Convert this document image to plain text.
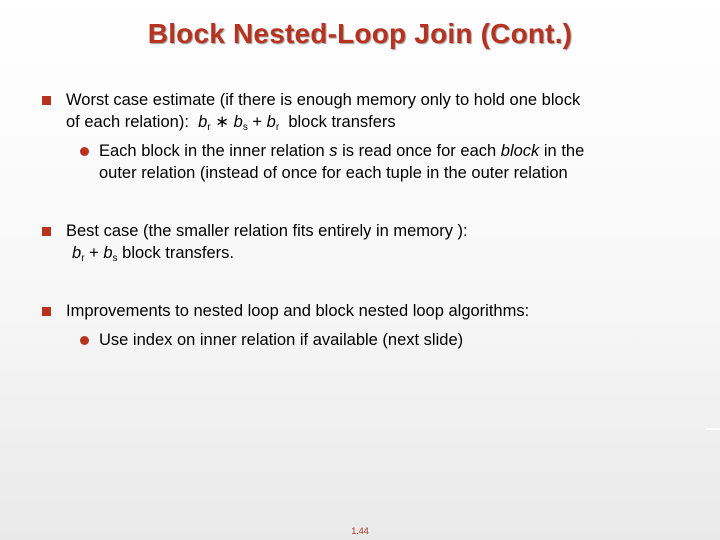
Block Nested-Loop Join (Cont.)
Worst case estimate (if there is enough memory only to hold one block
of each relation): $b_r$ ∗ $b_s + b_r$ block transfers
Each block in the inner relation s is read once for each block in the
outer relation (instead of once for each tuple in the outer relation
Best case (the smaller relation fits entirely in memory ):
$b_r + b_s$ block transfers.
Improvements to nested loop and block nested loop algorithms:
Use index on inner relation if available (next slide)
1.44
